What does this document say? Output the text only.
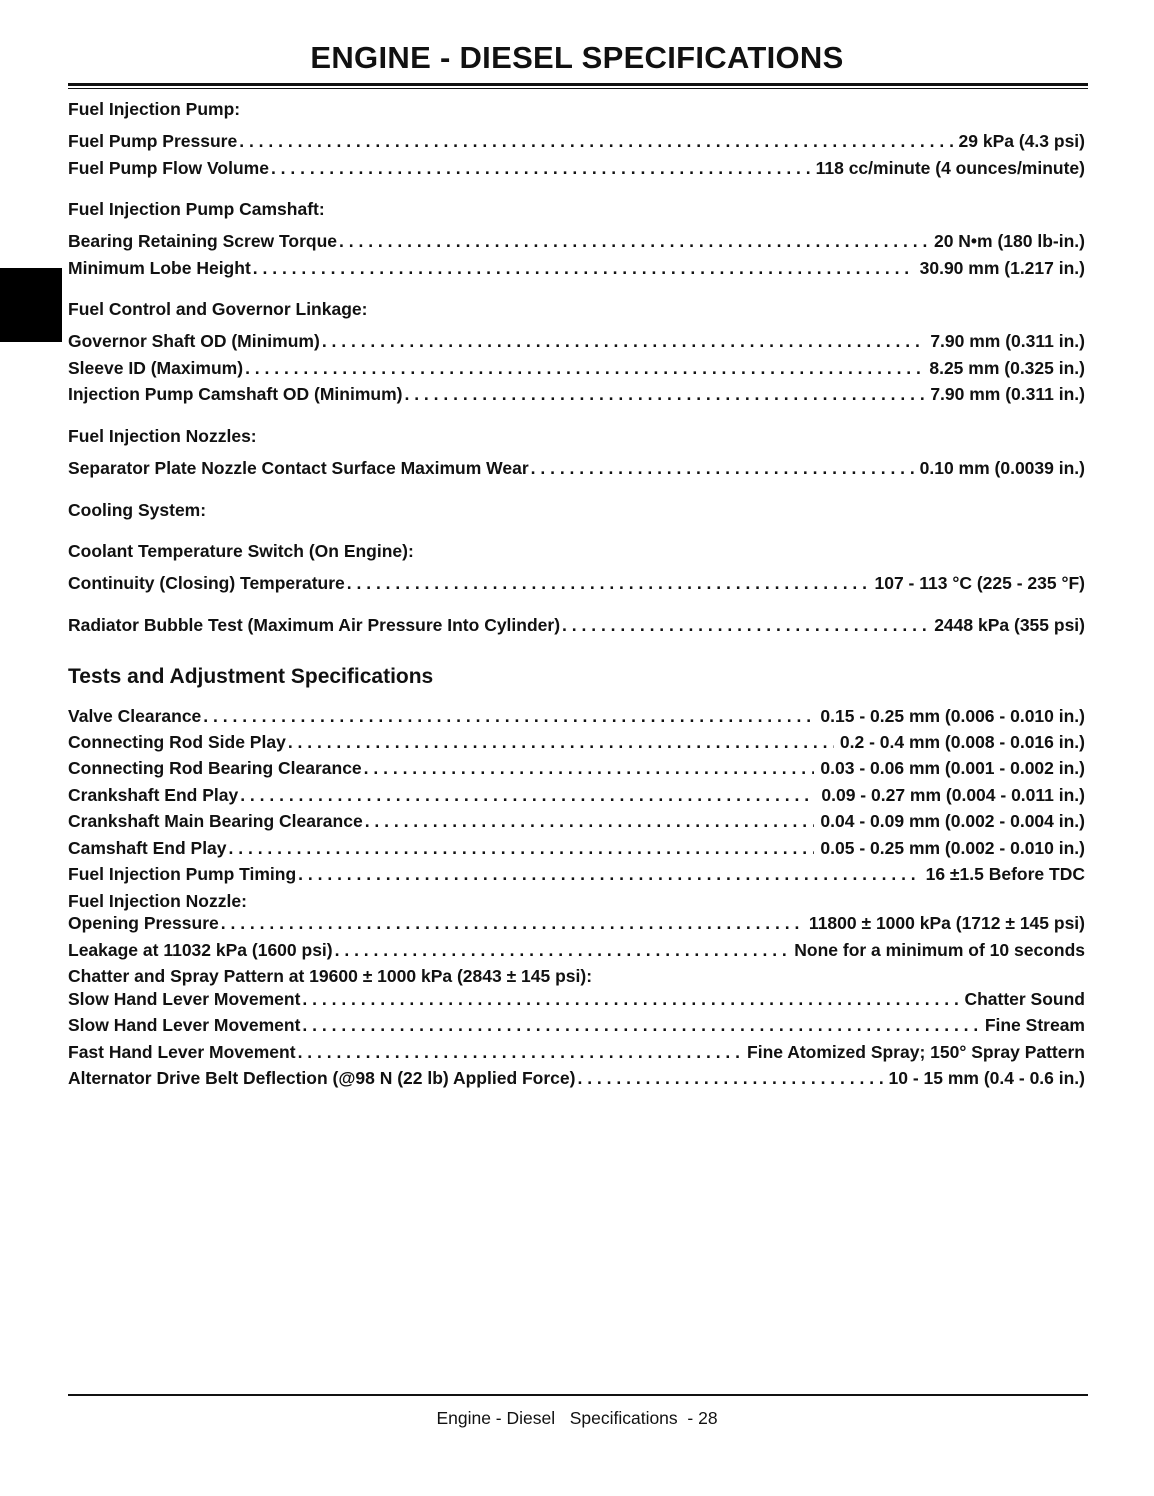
ENGINE - DIESEL SPECIFICATIONS
Fuel Injection Pump:
Fuel Pump Pressure . . .	29 kPa (4.3 psi)
Fuel Pump Flow Volume . . .	118 cc/minute (4 ounces/minute)
Fuel Injection Pump Camshaft:
Bearing Retaining Screw Torque . . .	20 N•m (180 lb-in.)
Minimum Lobe Height . . .	30.90 mm (1.217 in.)
Fuel Control and Governor Linkage:
Governor Shaft OD (Minimum) . . .	7.90 mm (0.311 in.)
Sleeve ID (Maximum) . . .	8.25 mm (0.325 in.)
Injection Pump Camshaft OD (Minimum) . . .	7.90 mm (0.311 in.)
Fuel Injection Nozzles:
Separator Plate Nozzle Contact Surface Maximum Wear . . .	0.10 mm (0.0039 in.)
Cooling System:
Coolant Temperature Switch (On Engine):
Continuity (Closing) Temperature . . .	107 - 113 °C (225 - 235 °F)
Radiator Bubble Test (Maximum Air Pressure Into Cylinder) . . .	2448 kPa (355 psi)
Tests and Adjustment Specifications
Valve Clearance . . .	0.15 - 0.25 mm (0.006 - 0.010 in.)
Connecting Rod Side Play . . .	0.2 - 0.4 mm (0.008 - 0.016 in.)
Connecting Rod Bearing Clearance . . .	0.03 - 0.06 mm (0.001 - 0.002 in.)
Crankshaft End Play . . .	0.09 - 0.27 mm (0.004 - 0.011 in.)
Crankshaft Main Bearing Clearance . . .	0.04 - 0.09 mm (0.002 - 0.004 in.)
Camshaft End Play . . .	0.05 - 0.25 mm (0.002 - 0.010 in.)
Fuel Injection Pump Timing . . .	16 ±1.5 Before TDC
Fuel Injection Nozzle:
Opening Pressure . . .	11800 ± 1000 kPa (1712 ± 145 psi)
Leakage at 11032 kPa (1600 psi) . . .	None for a minimum of 10 seconds
Chatter and Spray Pattern at 19600 ± 1000 kPa (2843 ± 145 psi):
Slow Hand Lever Movement . . .	Chatter Sound
Slow Hand Lever Movement . . .	Fine Stream
Fast Hand Lever Movement . . .	Fine Atomized Spray; 150° Spray Pattern
Alternator Drive Belt Deflection (@98 N (22 lb) Applied Force) . . .	10 - 15 mm (0.4 - 0.6 in.)
Engine - Diesel   Specifications  - 28
